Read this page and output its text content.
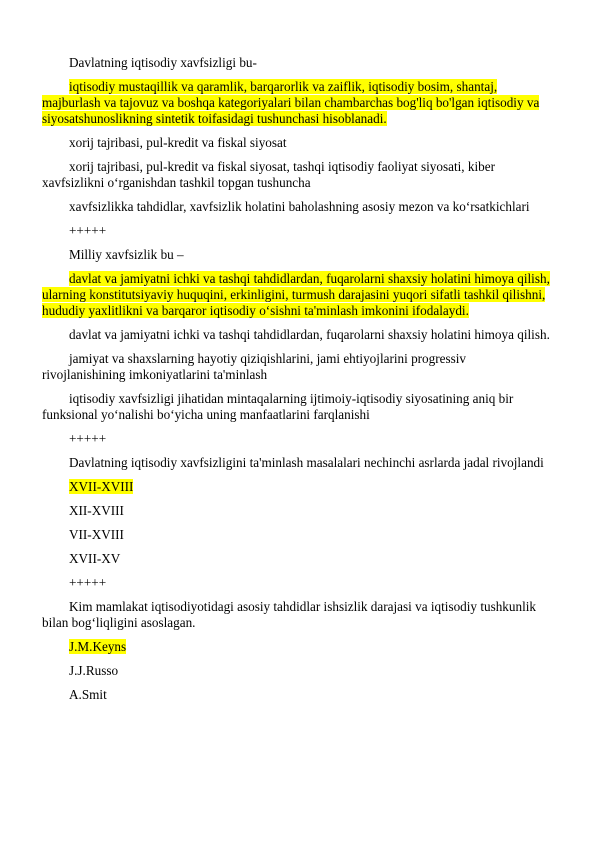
Davlatning iqtisodiy xavfsizligi bu-

iqtisodiy mustaqillik va qaramlik, barqarorlik va zaiflik, iqtisodiy bosim, shantaj, majburlash va tajovuz va boshqa kategoriyalari bilan chambarchas bog'liq bo'lgan iqtisodiy va siyosatshunoslikning sintetik toifasidagi tushunchasi hisoblanadi.

xorij tajribasi, pul-kredit va fiskal siyosat

xorij tajribasi, pul-kredit va fiskal siyosat, tashqi iqtisodiy faoliyat siyosati, kiber xavfsizlikni o‘rganishdan tashkil topgan tushuncha

xavfsizlikka tahdidlar, xavfsizlik holatini baholashning asosiy mezon va ko‘rsatkichlari

+++++

Milliy xavfsizlik bu –

davlat va jamiyatni ichki va tashqi tahdidlardan, fuqarolarni shaxsiy holatini himoya qilish, ularning konstitutsiyaviy huquqini, erkinligini, turmush darajasini yuqori sifatli tashkil qilishni, hududiy yaxlitlikni va barqaror iqtisodiy o‘sishni ta'minlash imkonini ifodalaydi.

davlat va jamiyatni ichki va tashqi tahdidlardan, fuqarolarni shaxsiy holatini himoya qilish.

jamiyat va shaxslarning hayotiy qiziqishlarini, jami ehtiyojlarini progressiv rivojlanishining imkoniyatlarini ta'minlash

iqtisodiy xavfsizligi jihatidan mintaqalarning ijtimoiy-iqtisodiy siyosatining aniq bir funksional yo‘nalishi bo‘yicha uning manfaatlarini farqlanishi

+++++

Davlatning iqtisodiy xavfsizligini ta'minlash masalalari nechinchi asrlarda jadal rivojlandi

XVII-XVIII

XII-XVIII

VII-XVIII

XVII-XV

+++++

Kim mamlakat iqtisodiyotidagi asosiy tahdidlar ishsizlik darajasi va iqtisodiy tushkunlik bilan bog‘liqligini asoslagan.

J.M.Keyns

J.J.Russo

A.Smit
